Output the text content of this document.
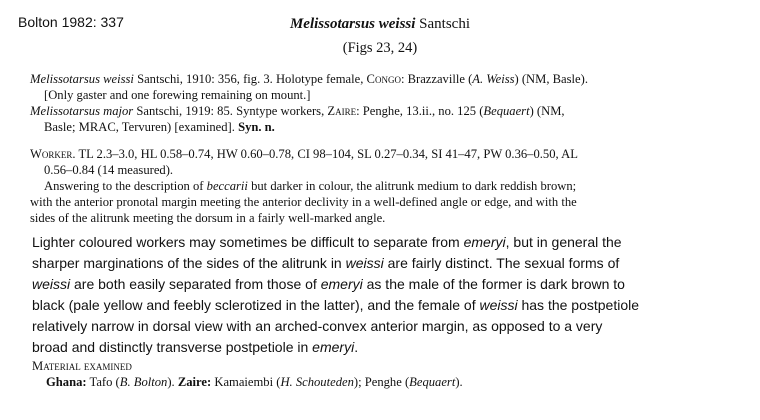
Bolton 1982: 337	Melissotarsus weissi Santschi
(Figs 23, 24)
Melissotarsus weissi Santschi, 1910: 356, fig. 3. Holotype female, Congo: Brazzaville (A. Weiss) (NM, Basle).
[Only gaster and one forewing remaining on mount.]
Melissotarsus major Santschi, 1919: 85. Syntype workers, Zaire: Penghe, 13.ii., no. 125 (Bequaert) (NM,
Basle; MRAC, Tervuren) [examined]. Syn. n.
Worker. TL 2.3–3.0, HL 0.58–0.74, HW 0.60–0.78, CI 98–104, SL 0.27–0.34, SI 41–47, PW 0.36–0.50, AL
0.56–0.84 (14 measured).
Answering to the description of beccarii but darker in colour, the alitrunk medium to dark reddish brown;
with the anterior pronotal margin meeting the anterior declivity in a well-defined angle or edge, and with the
sides of the alitrunk meeting the dorsum in a fairly well-marked angle.
Lighter coloured workers may sometimes be difficult to separate from emeryi, but in general the
sharper marginations of the sides of the alitrunk in weissi are fairly distinct. The sexual forms of
weissi are both easily separated from those of emeryi as the male of the former is dark brown to
black (pale yellow and feebly sclerotized in the latter), and the female of weissi has the postpetiole
relatively narrow in dorsal view with an arched-convex anterior margin, as opposed to a very
broad and distinctly transverse postpetiole in emeryi.
Material examined
Ghana: Tafo (B. Bolton). Zaire: Kamaiembi (H. Schouteden); Penghe (Bequaert).
